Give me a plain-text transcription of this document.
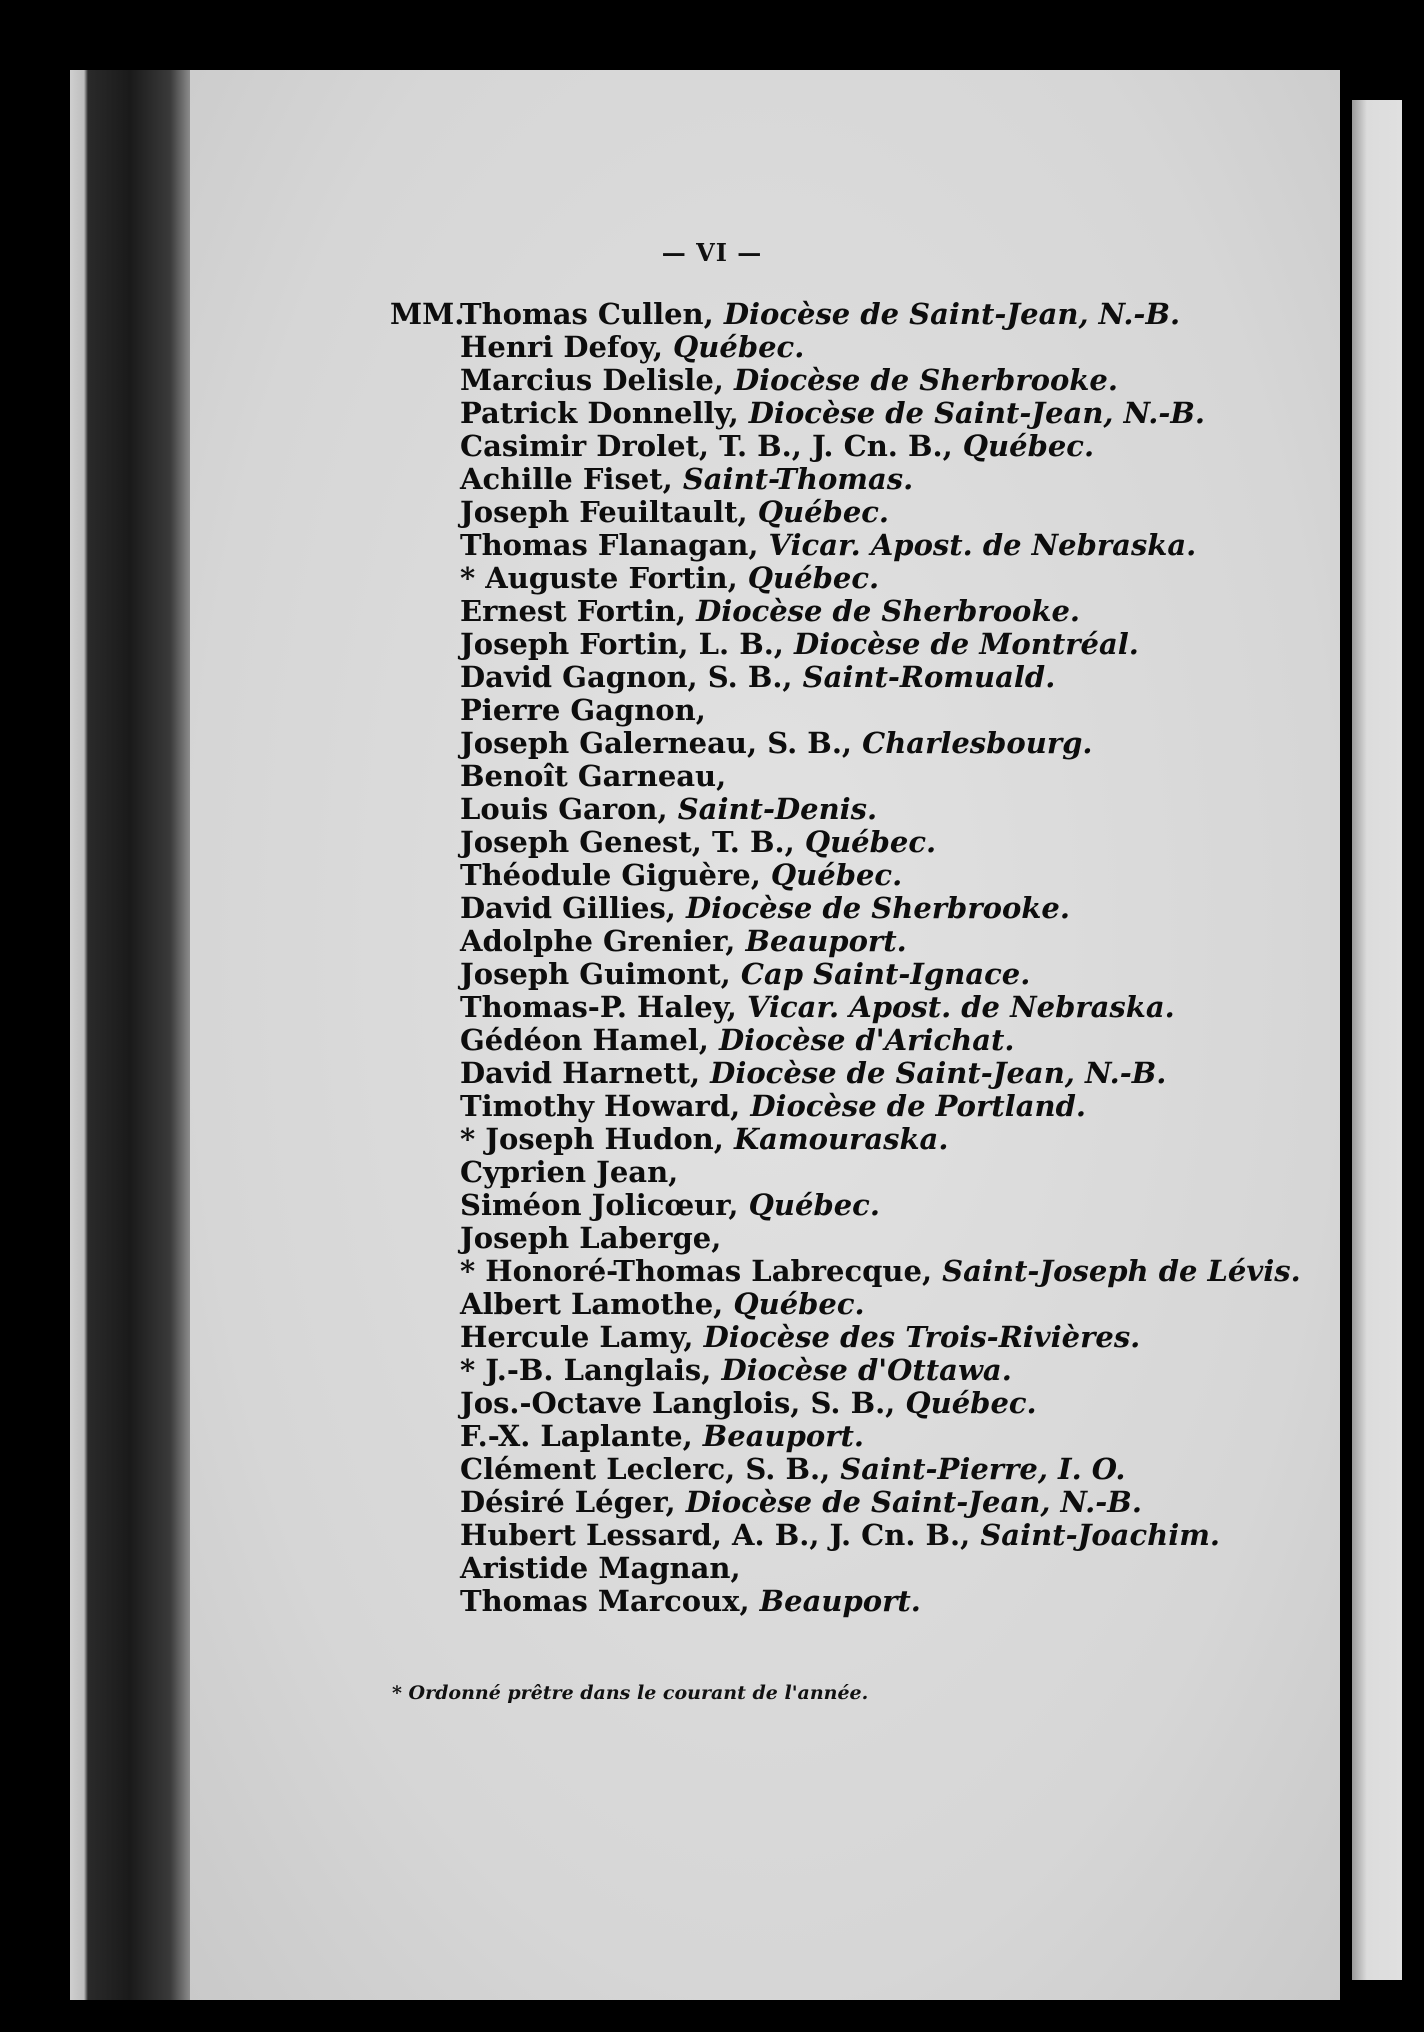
— VI —
MM.
Thomas Cullen, Diocèse de Saint-Jean, N.-B.
Henri Defoy, Québec.
Marcius Delisle, Diocèse de Sherbrooke.
Patrick Donnelly, Diocèse de Saint-Jean, N.-B.
Casimir Drolet, T. B., J. Cn. B., Québec.
Achille Fiset, Saint-Thomas.
Joseph Feuiltault, Québec.
Thomas Flanagan, Vicar. Apost. de Nebraska.
* Auguste Fortin, Québec.
Ernest Fortin, Diocèse de Sherbrooke.
Joseph Fortin, L. B., Diocèse de Montréal.
David Gagnon, S. B., Saint-Romuald.
Pierre Gagnon,
Joseph Galerneau, S. B., Charlesbourg.
Benoît Garneau,
Louis Garon, Saint-Denis.
Joseph Genest, T. B., Québec.
Théodule Giguère, Québec.
David Gillies, Diocèse de Sherbrooke.
Adolphe Grenier, Beauport.
Joseph Guimont, Cap Saint-Ignace.
Thomas-P. Haley, Vicar. Apost. de Nebraska.
Gédéon Hamel, Diocèse d'Arichat.
David Harnett, Diocèse de Saint-Jean, N.-B.
Timothy Howard, Diocèse de Portland.
* Joseph Hudon, Kamouraska.
Cyprien Jean,
Siméon Jolicœur, Québec.
Joseph Laberge,
* Honoré-Thomas Labrecque, Saint-Joseph de Lévis.
Albert Lamothe, Québec.
Hercule Lamy, Diocèse des Trois-Rivières.
* J.-B. Langlais, Diocèse d'Ottawa.
Jos.-Octave Langlois, S. B., Québec.
F.-X. Laplante, Beauport.
Clément Leclerc, S. B., Saint-Pierre, I. O.
Désiré Léger, Diocèse de Saint-Jean, N.-B.
Hubert Lessard, A. B., J. Cn. B., Saint-Joachim.
Aristide Magnan,
Thomas Marcoux, Beauport.
* Ordonné prêtre dans le courant de l'année.
